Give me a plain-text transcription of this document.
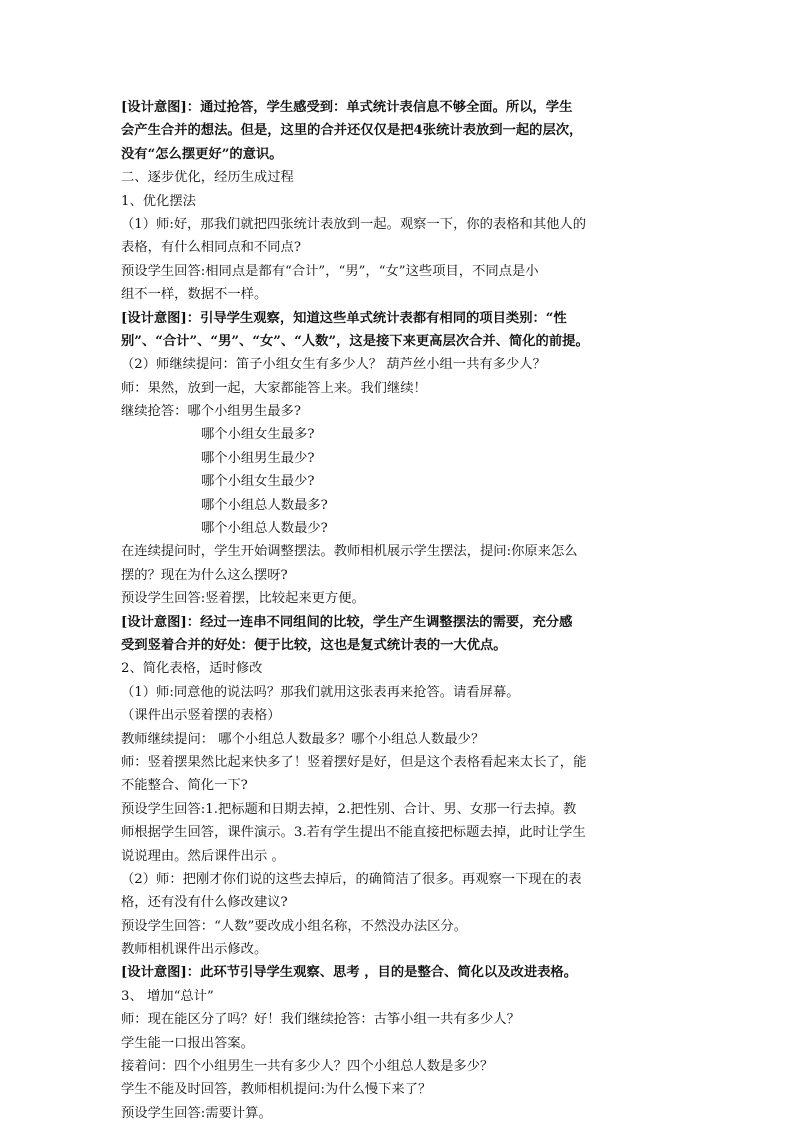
[设计意图]：通过抢答，学生感受到：单式统计表信息不够全面。所以，学生
会产生合并的想法。但是，这里的合并还仅仅是把4张统计表放到一起的层次，
没有“怎么摆更好”的意识。
二、逐步优化，经历生成过程
1、优化摆法
（1）师:好，那我们就把四张统计表放到一起。观察一下，你的表格和其他人的
表格，有什么相同点和不同点?
预设学生回答:相同点是都有“合计”，“男”，“女”这些项目，不同点是小
组不一样，数据不一样。
[设计意图]：引导学生观察，知道这些单式统计表都有相同的项目类别：“性
别”、“合计”、“男”、“女”、“人数”，这是接下来更高层次合并、简化的前提。
（2）师继续提问：笛子小组女生有多少人？ 葫芦丝小组一共有多少人？
师：果然，放到一起，大家都能答上来。我们继续！
继续抢答：哪个小组男生最多?
哪个小组女生最多?
哪个小组男生最少?
哪个小组女生最少?
哪个小组总人数最多?
哪个小组总人数最少?
在连续提问时，学生开始调整摆法。教师相机展示学生摆法，提问:你原来怎么
摆的？现在为什么这么摆呀?
预设学生回答:竖着摆，比较起来更方便。
[设计意图]：经过一连串不同组间的比较，学生产生调整摆法的需要，充分感
受到竖着合并的好处：便于比较，这也是复式统计表的一大优点。
2、简化表格，适时修改
（1）师:同意他的说法吗？那我们就用这张表再来抢答。请看屏幕。
（课件出示竖着摆的表格）
教师继续提问： 哪个小组总人数最多？哪个小组总人数最少？
师：竖着摆果然比起来快多了！竖着摆好是好，但是这个表格看起来太长了，能
不能整合、简化一下?
预设学生回答:1.把标题和日期去掉，2.把性别、合计、男、女那一行去掉。教
师根据学生回答，课件演示。3.若有学生提出不能直接把标题去掉，此时让学生
说说理由。然后课件出示 。
（2）师：把刚才你们说的这些去掉后，的确简洁了很多。再观察一下现在的表
格，还有没有什么修改建议?
预设学生回答：“人数”要改成小组名称，不然没办法区分。
教师相机课件出示修改。
[设计意图]：此环节引导学生观察、思考 ，目的是整合、简化以及改进表格。
3、 增加“总计”
师：现在能区分了吗？好！我们继续抢答：古筝小组一共有多少人？
学生能一口报出答案。
接着问：四个小组男生一共有多少人？四个小组总人数是多少？
学生不能及时回答，教师相机提问:为什么慢下来了？
预设学生回答:需要计算。
